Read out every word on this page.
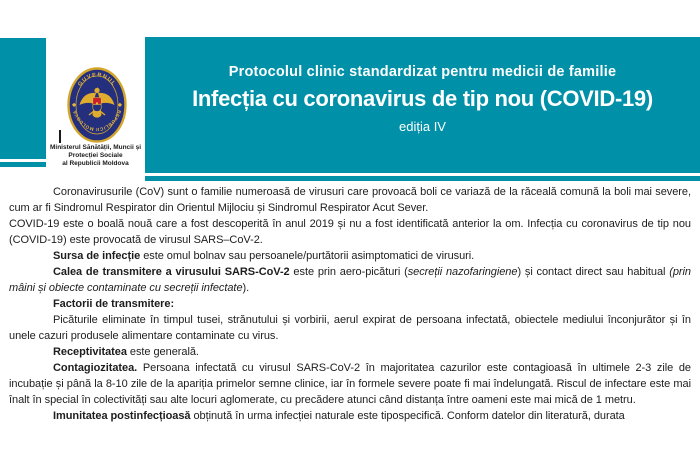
GUVERNUL
REPUBLICII MOLDOVA
Ministerul Sănătății, Muncii și
Protecției Sociale
al Republicii Moldova
Protocolul clinic standardizat pentru medicii de familie
Infecția cu coronavirus de tip nou (COVID-19)
ediția IV

Coronavirusurile (CoV) sunt o familie numeroasă de virusuri care provoacă boli ce variază de la răceală comună la boli mai severe, cum ar fi Sindromul Respirator din Orientul Mijlociu și Sindromul Respirator Acut Sever.

COVID-19 este o boală nouă care a fost descoperită în anul 2019 și nu a fost identificată anterior la om. Infecția cu coronavirus de tip nou (COVID-19) este provocată de virusul SARS–CoV-2.

Sursa de infecție este omul bolnav sau persoanele/purtătorii asimptomatici de virusuri.

Calea de transmitere a virusului SARS-CoV-2 este prin aero-picături (secreții nazofaringiene) și contact direct sau habitual (prin mâini și obiecte contaminate cu secreții infectate).

Factorii de transmitere:

Picăturile eliminate în timpul tusei, strănutului și vorbirii, aerul expirat de persoana infectată, obiectele mediului înconjurător și în unele cazuri produsele alimentare contaminate cu virus.

Receptivitatea este generală.

Contagiozitatea. Persoana infectată cu virusul SARS-CoV-2 în majoritatea cazurilor este contagioasă în ultimele 2-3 zile de incubație și până la 8-10 zile de la apariția primelor semne clinice, iar în formele severe poate fi mai îndelungată. Riscul de infectare este mai înalt în special în colectivități sau alte locuri aglomerate, cu precădere atunci când distanța între oameni este mai mică de 1 metru.

Imunitatea postinfecțioasă obținută în urma infecției naturale este tipospecifică. Conform datelor din literatură, durata
